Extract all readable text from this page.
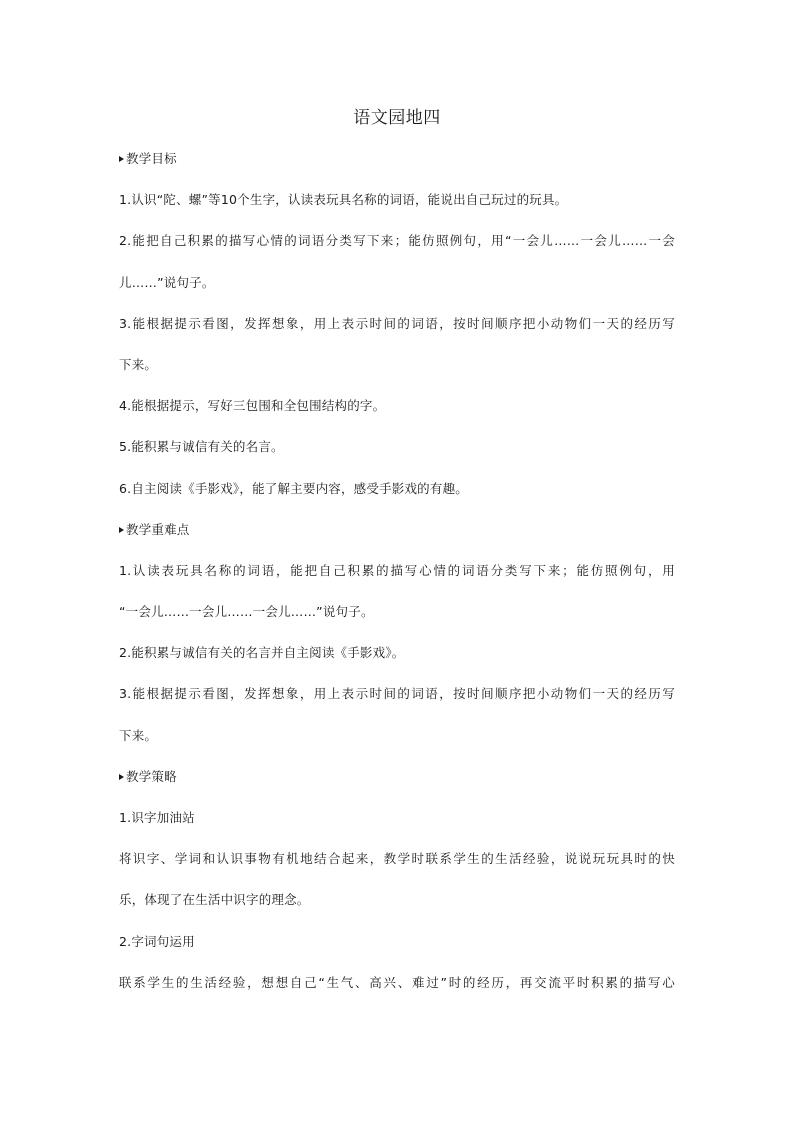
语文园地四
教学目标
1.认识“陀、螺”等10个生字，认读表玩具名称的词语，能说出自己玩过的玩具。
2.能把自己积累的描写心情的词语分类写下来；能仿照例句，用“一会儿……一会儿……一会
儿……”说句子。
3.能根据提示看图，发挥想象，用上表示时间的词语，按时间顺序把小动物们一天的经历写
下来。
4.能根据提示，写好三包围和全包围结构的字。
5.能积累与诚信有关的名言。
6.自主阅读《手影戏》，能了解主要内容，感受手影戏的有趣。
教学重难点
1.认读表玩具名称的词语，能把自己积累的描写心情的词语分类写下来；能仿照例句，用
“一会儿……一会儿……一会儿……”说句子。
2.能积累与诚信有关的名言并自主阅读《手影戏》。
3.能根据提示看图，发挥想象，用上表示时间的词语，按时间顺序把小动物们一天的经历写
下来。
教学策略
1.识字加油站
将识字、学词和认识事物有机地结合起来，教学时联系学生的生活经验，说说玩玩具时的快
乐，体现了在生活中识字的理念。
2.字词句运用
联系学生的生活经验，想想自己“生气、高兴、难过”时的经历，再交流平时积累的描写心
